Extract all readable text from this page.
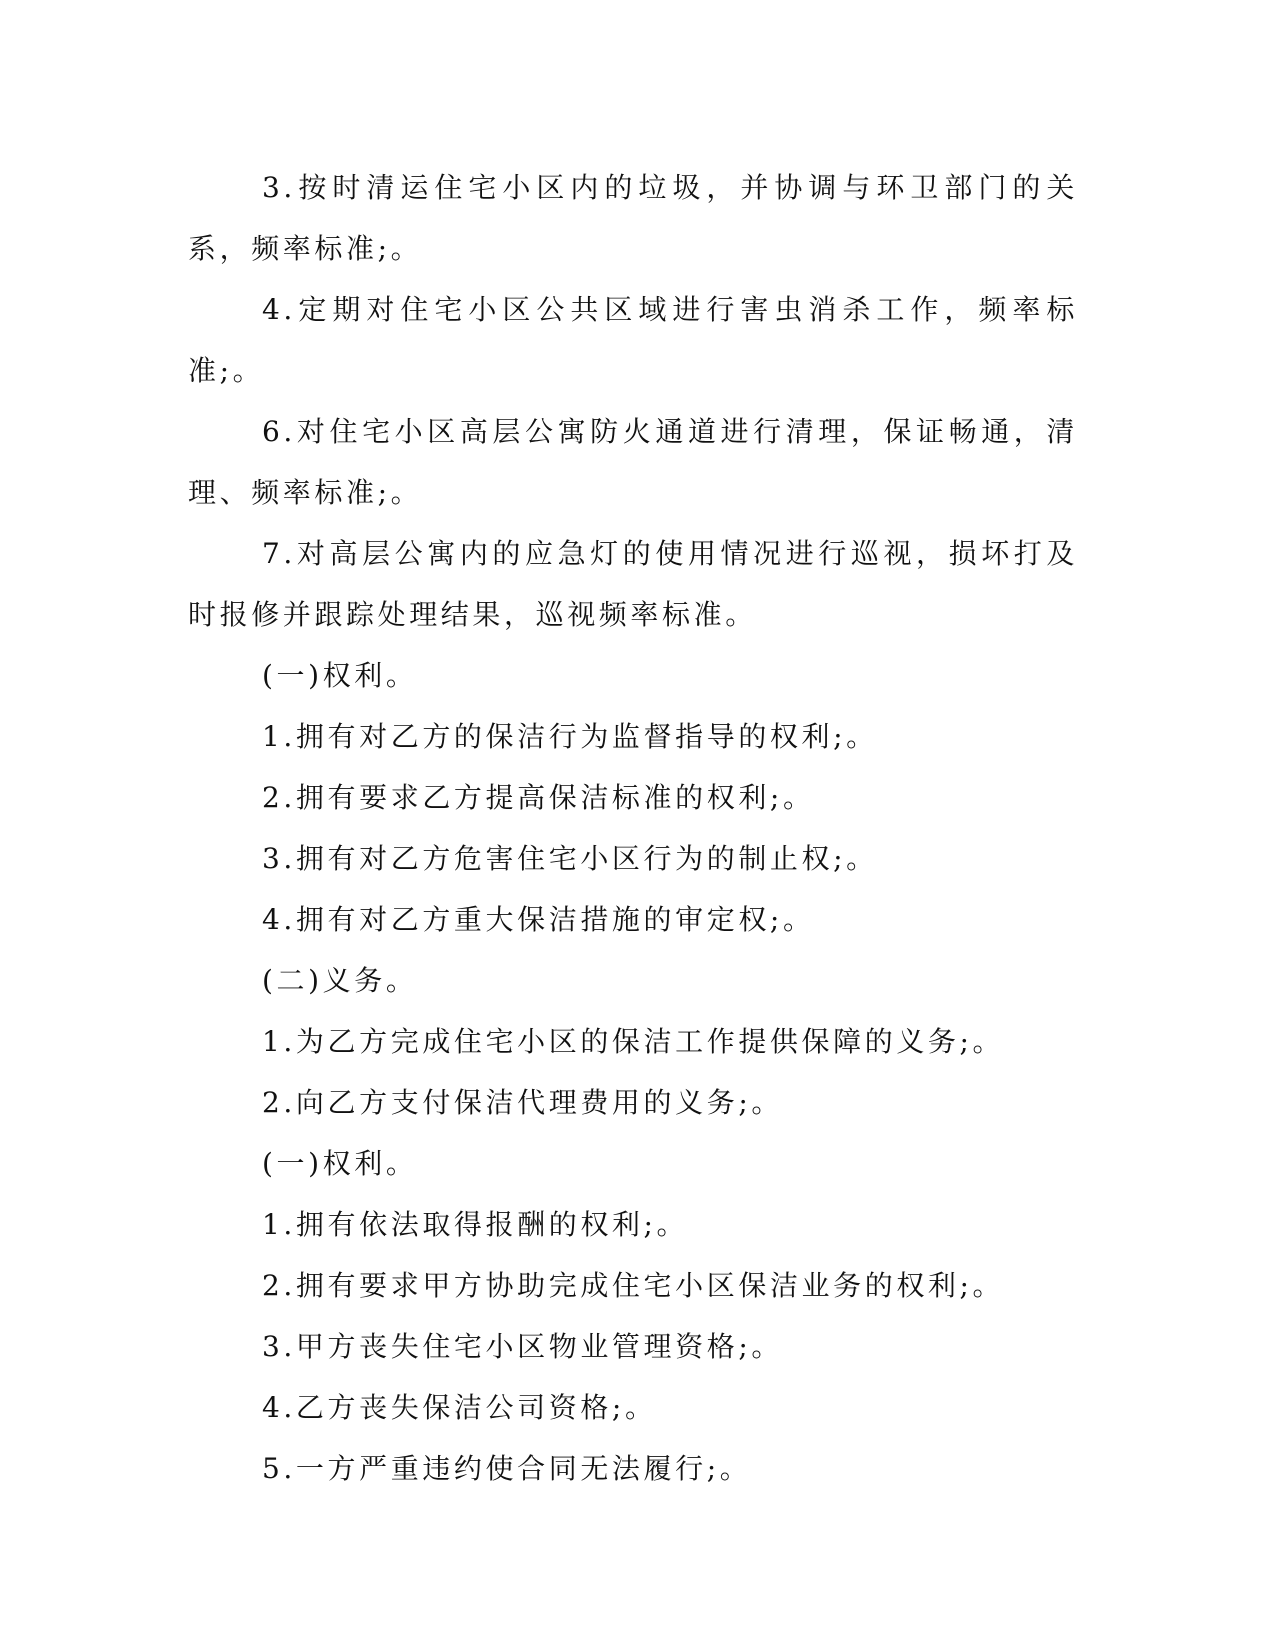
3.按时清运住宅小区内的垃圾，并协调与环卫部门的关系，频率标准;。

4.定期对住宅小区公共区域进行害虫消杀工作，频率标准;。

6.对住宅小区高层公寓防火通道进行清理，保证畅通，清理、频率标准;。

7.对高层公寓内的应急灯的使用情况进行巡视，损坏打及时报修并跟踪处理结果，巡视频率标准。

(一)权利。

1.拥有对乙方的保洁行为监督指导的权利;。

2.拥有要求乙方提高保洁标准的权利;。

3.拥有对乙方危害住宅小区行为的制止权;。

4.拥有对乙方重大保洁措施的审定权;。

(二)义务。

1.为乙方完成住宅小区的保洁工作提供保障的义务;。

2.向乙方支付保洁代理费用的义务;。

(一)权利。

1.拥有依法取得报酬的权利;。

2.拥有要求甲方协助完成住宅小区保洁业务的权利;。

3.甲方丧失住宅小区物业管理资格;。

4.乙方丧失保洁公司资格;。

5.一方严重违约使合同无法履行;。
